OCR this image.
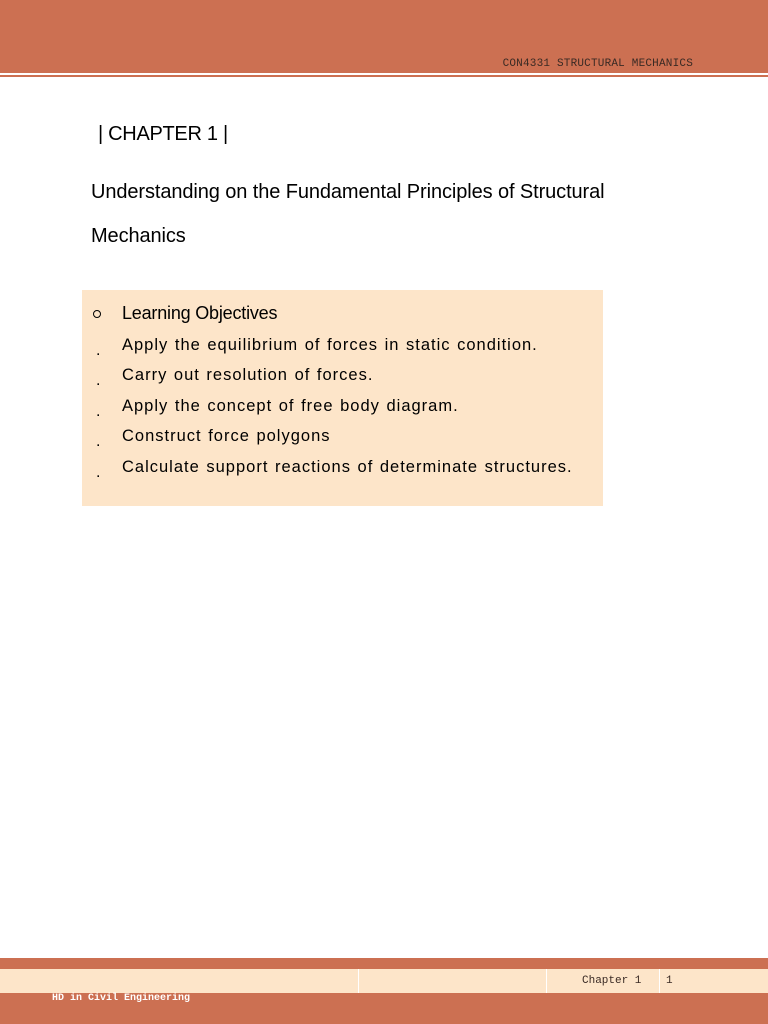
CON4331 STRUCTURAL MECHANICS
| CHAPTER 1 |
Understanding on the Fundamental Principles of Structural Mechanics
Learning Objectives
. Apply the equilibrium of forces in static condition.
. Carry out resolution of forces.
. Apply the concept of free body diagram.
. Construct force polygons
. Calculate support reactions of determinate structures.
Chapter 1 1
HD in Civil Engineering
